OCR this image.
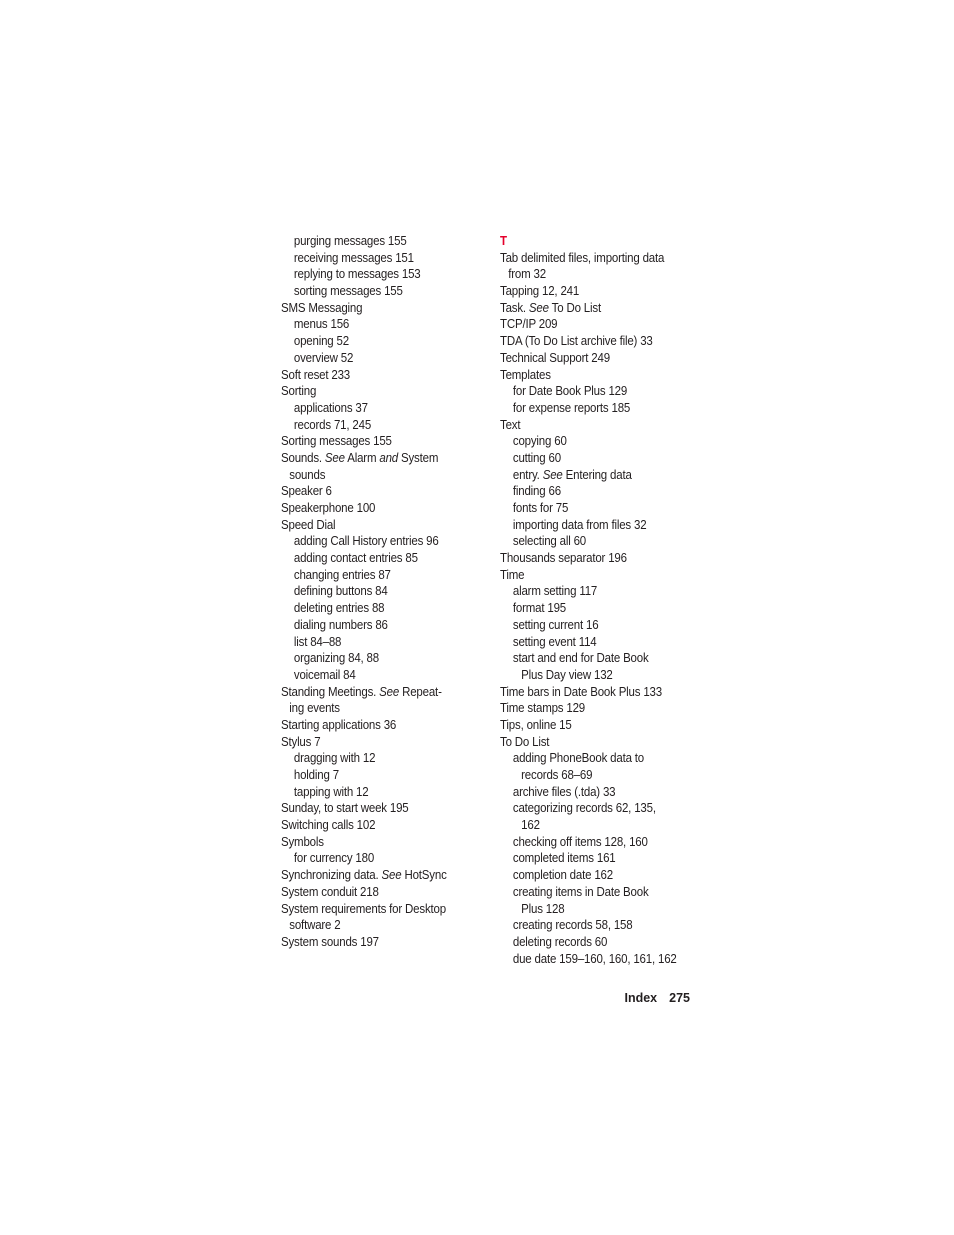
purging messages 155
receiving messages 151
replying to messages 153
sorting messages 155
SMS Messaging
menus 156
opening 52
overview 52
Soft reset 233
Sorting
applications 37
records 71, 245
Sorting messages 155
Sounds. See Alarm and System
sounds
Speaker 6
Speakerphone 100
Speed Dial
adding Call History entries 96
adding contact entries 85
changing entries 87
defining buttons 84
deleting entries 88
dialing numbers 86
list 84–88
organizing 84, 88
voicemail 84
Standing Meetings. See Repeat-
ing events
Starting applications 36
Stylus 7
dragging with 12
holding 7
tapping with 12
Sunday, to start week 195
Switching calls 102
Symbols
for currency 180
Synchronizing data. See HotSync
System conduit 218
System requirements for Desktop
software 2
System sounds 197
T
Tab delimited files, importing data
from 32
Tapping 12, 241
Task. See To Do List
TCP/IP 209
TDA (To Do List archive file) 33
Technical Support 249
Templates
for Date Book Plus 129
for expense reports 185
Text
copying 60
cutting 60
entry. See Entering data
finding 66
fonts for 75
importing data from files 32
selecting all 60
Thousands separator 196
Time
alarm setting 117
format 195
setting current 16
setting event 114
start and end for Date Book
Plus Day view 132
Time bars in Date Book Plus 133
Time stamps 129
Tips, online 15
To Do List
adding PhoneBook data to
records 68–69
archive files (.tda) 33
categorizing records 62, 135,
162
checking off items 128, 160
completed items 161
completion date 162
creating items in Date Book
Plus 128
creating records 58, 158
deleting records 60
due date 159–160, 160, 161, 162
Index 275
